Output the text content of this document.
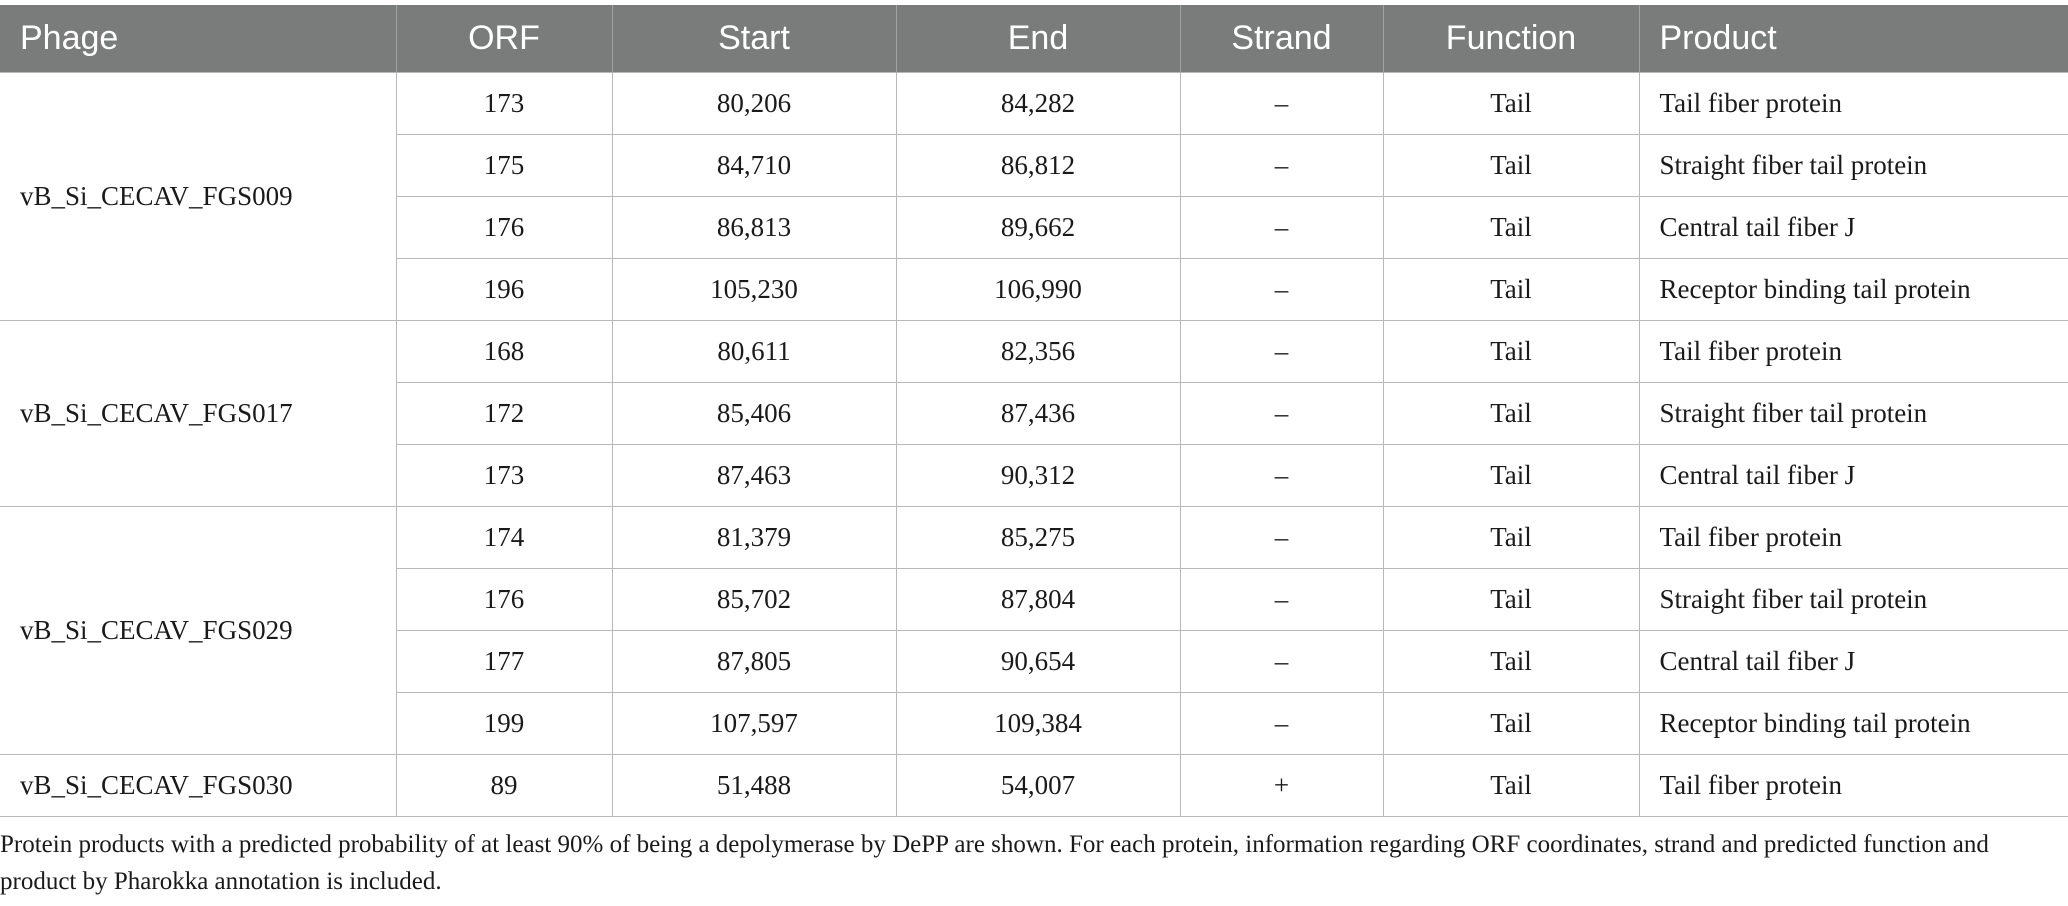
Phage	ORF	Start	End	Strand	Function	Product
vB_Si_CECAV_FGS009	173	80,206	84,282	–	Tail	Tail fiber protein
	175	84,710	86,812	–	Tail	Straight fiber tail protein
	176	86,813	89,662	–	Tail	Central tail fiber J
	196	105,230	106,990	–	Tail	Receptor binding tail protein
vB_Si_CECAV_FGS017	168	80,611	82,356	–	Tail	Tail fiber protein
	172	85,406	87,436	–	Tail	Straight fiber tail protein
	173	87,463	90,312	–	Tail	Central tail fiber J
vB_Si_CECAV_FGS029	174	81,379	85,275	–	Tail	Tail fiber protein
	176	85,702	87,804	–	Tail	Straight fiber tail protein
	177	87,805	90,654	–	Tail	Central tail fiber J
	199	107,597	109,384	–	Tail	Receptor binding tail protein
vB_Si_CECAV_FGS030	89	51,488	54,007	+	Tail	Tail fiber protein
Protein products with a predicted probability of at least 90% of being a depolymerase by DePP are shown. For each protein, information regarding ORF coordinates, strand and predicted function and product by Pharokka annotation is included.
